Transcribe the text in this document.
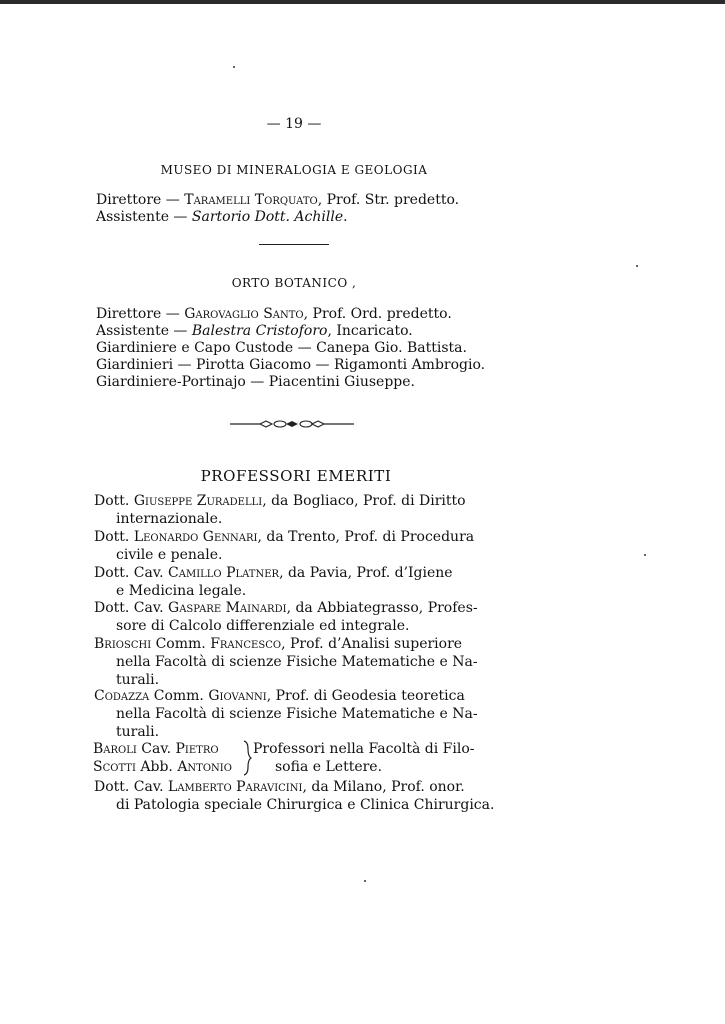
— 19 —
MUSEO DI MINERALOGIA E GEOLOGIA
Direttore — Taramelli Torquato, Prof. Str. predetto.
Assistente — Sartorio Dott. Achille.
ORTO BOTANICO ,
Direttore — Garovaglio Santo, Prof. Ord. predetto.
Assistente — Balestra Cristoforo, Incaricato.
Giardiniere e Capo Custode — Canepa Gio. Battista.
Giardinieri — Pirotta Giacomo — Rigamonti Ambrogio.
Giardiniere-Portinajo — Piacentini Giuseppe.
PROFESSORI EMERITI
Dott. Giuseppe Zuradelli, da Bogliaco, Prof. di Diritto
internazionale.
Dott. Leonardo Gennari, da Trento, Prof. di Procedura
civile e penale.
Dott. Cav. Camillo Platner, da Pavia, Prof. d’Igiene
e Medicina legale.
Dott. Cav. Gaspare Mainardi, da Abbiategrasso, Profes-
sore di Calcolo differenziale ed integrale.
Brioschi Comm. Francesco, Prof. d’Analisi superiore
nella Facoltà di scienze Fisiche Matematiche e Na-
turali.
Codazza Comm. Giovanni, Prof. di Geodesia teoretica
nella Facoltà di scienze Fisiche Matematiche e Na-
turali.
Baroli Cav. Pietro
Scotti Abb. Antonio
Professori nella Facoltà di Filo-
sofia e Lettere.
Dott. Cav. Lamberto Paravicini, da Milano, Prof. onor.
di Patologia speciale Chirurgica e Clinica Chirurgica.
